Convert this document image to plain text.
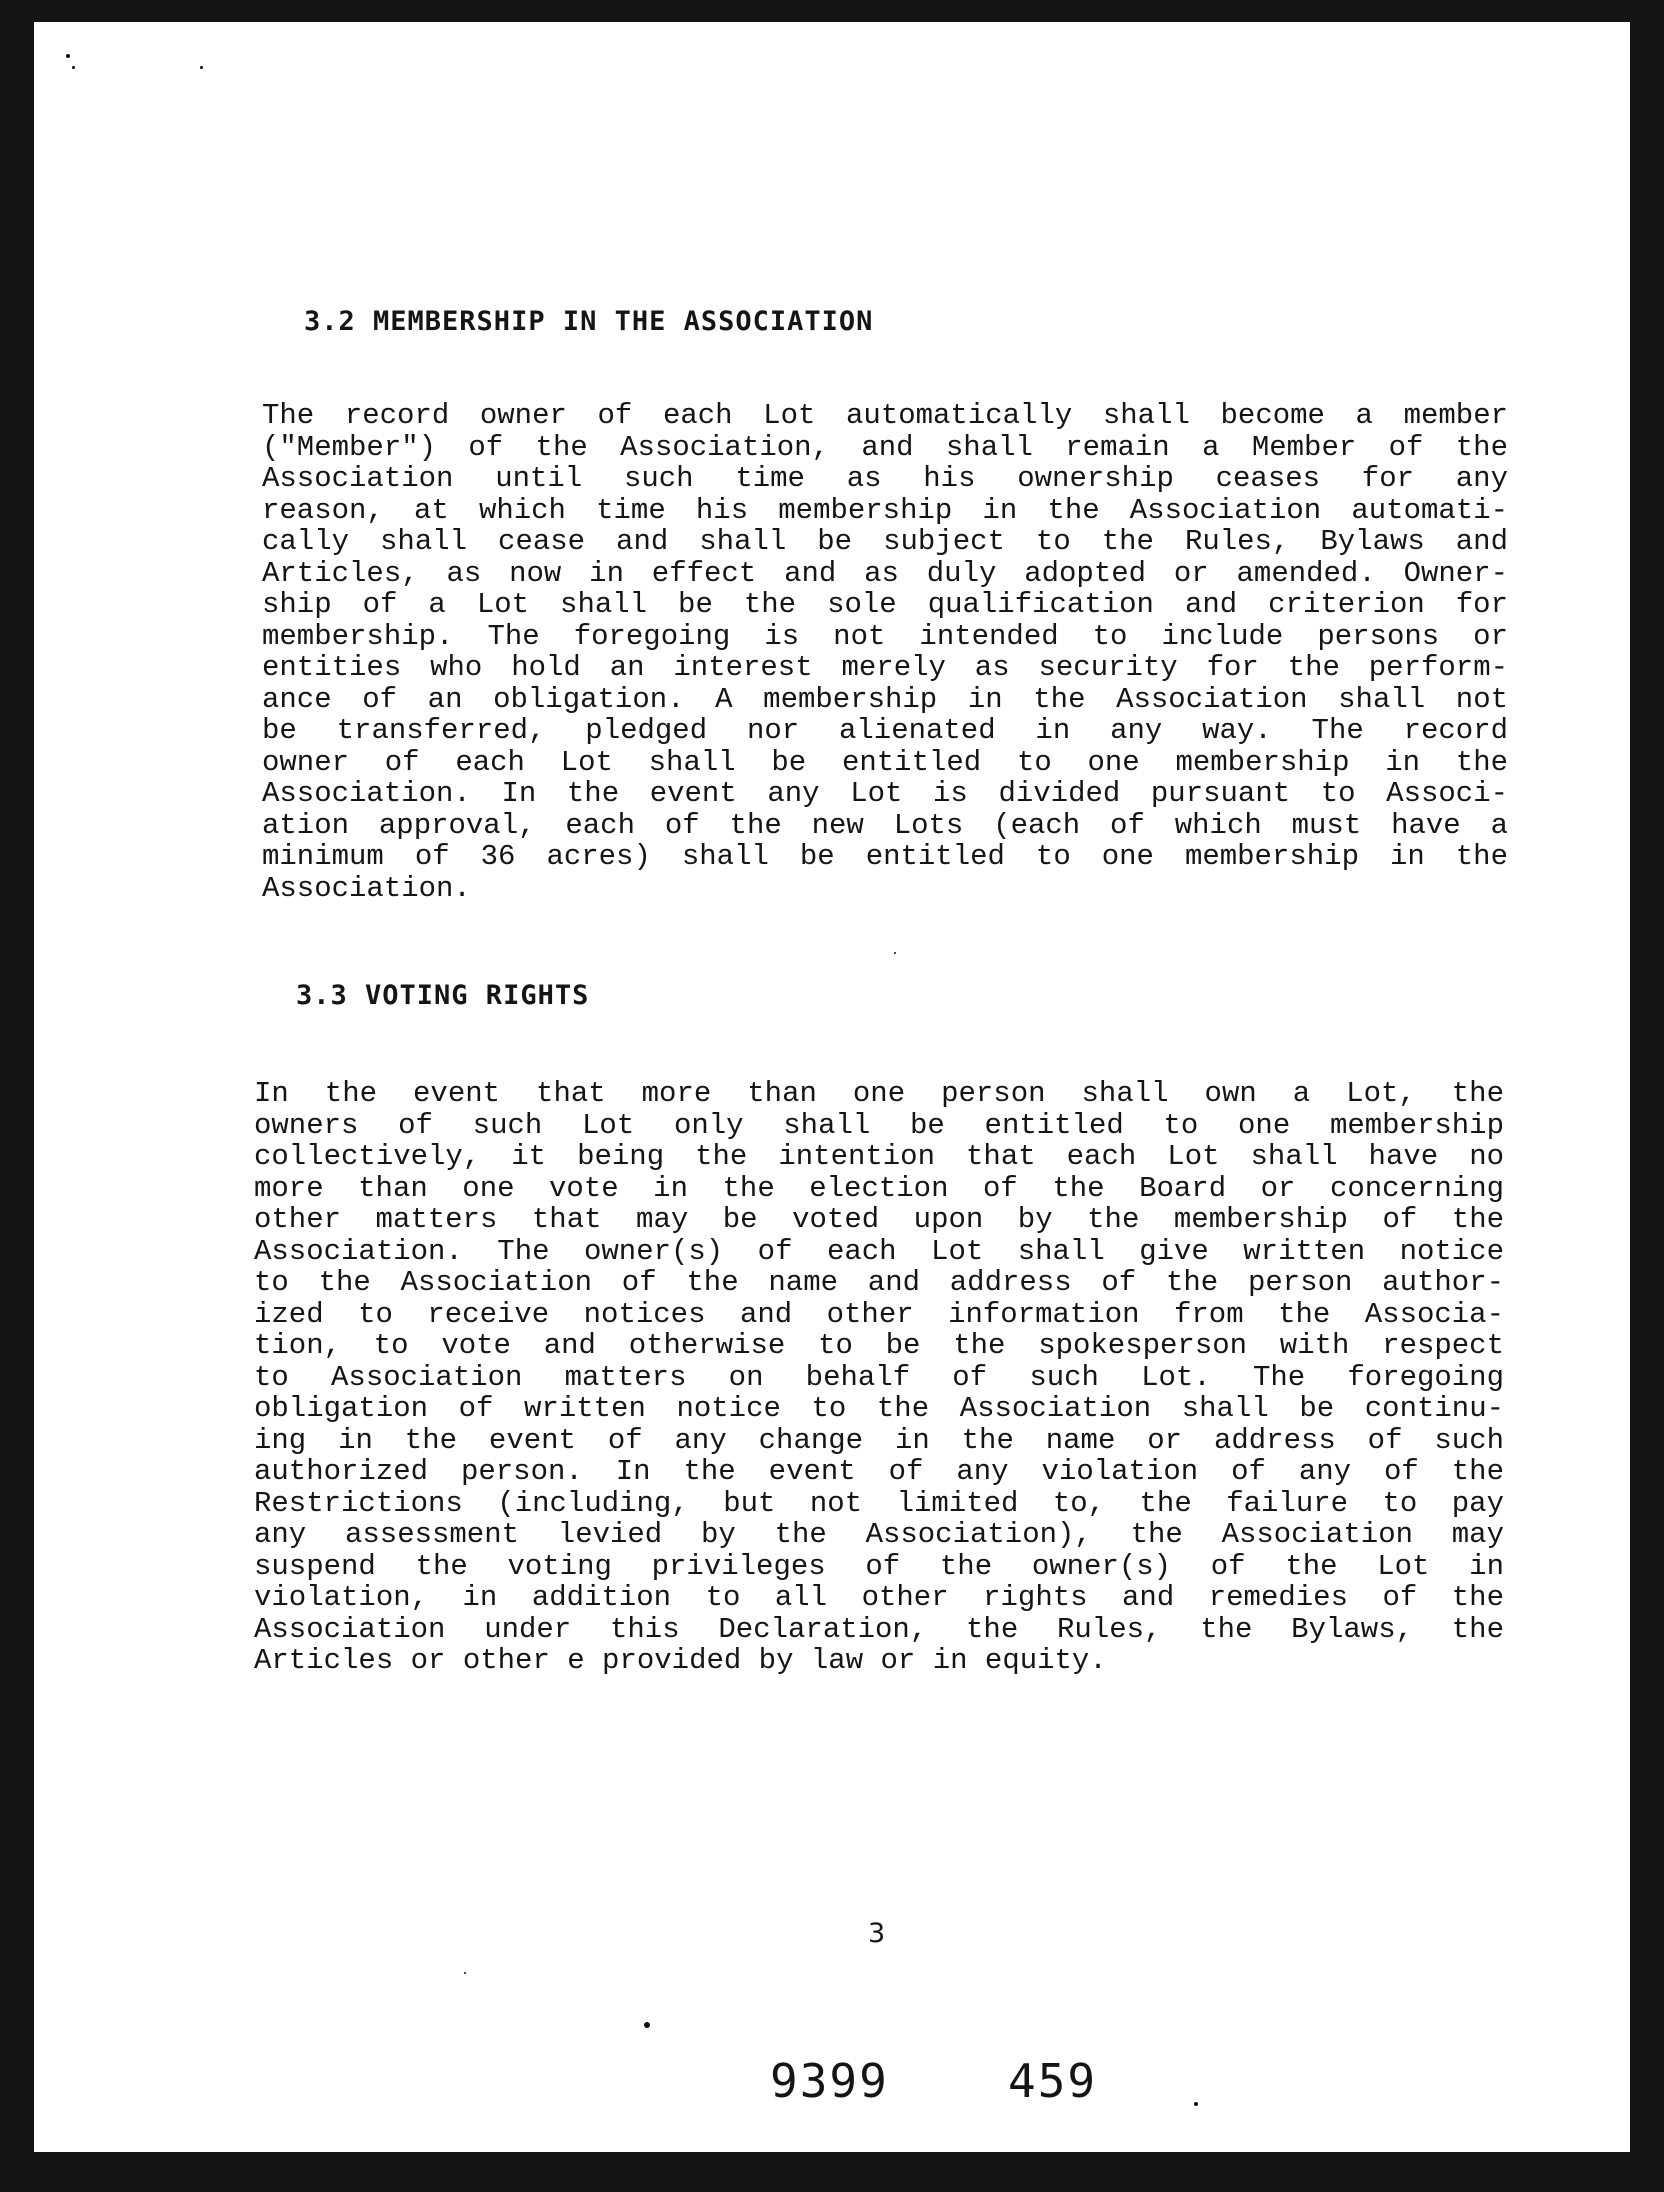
3.2 MEMBERSHIP IN THE ASSOCIATION
The record owner of each Lot automatically shall become a member
("Member") of the Association, and shall remain a Member of the
Association until such time as his ownership ceases for any
reason, at which time his membership in the Association automati-
cally shall cease and shall be subject to the Rules, Bylaws and
Articles, as now in effect and as duly adopted or amended. Owner-
ship of a Lot shall be the sole qualification and criterion for
membership. The foregoing is not intended to include persons or
entities who hold an interest merely as security for the perform-
ance of an obligation. A membership in the Association shall not
be transferred, pledged nor alienated in any way. The record
owner of each Lot shall be entitled to one membership in the
Association. In the event any Lot is divided pursuant to Associ-
ation approval, each of the new Lots (each of which must have a
minimum of 36 acres) shall be entitled to one membership in the
Association.
3.3 VOTING RIGHTS
In the event that more than one person shall own a Lot, the
owners of such Lot only shall be entitled to one membership
collectively, it being the intention that each Lot shall have no
more than one vote in the election of the Board or concerning
other matters that may be voted upon by the membership of the
Association. The owner(s) of each Lot shall give written notice
to the Association of the name and address of the person author-
ized to receive notices and other information from the Associa-
tion, to vote and otherwise to be the spokesperson with respect
to Association matters on behalf of such Lot. The foregoing
obligation of written notice to the Association shall be continu-
ing in the event of any change in the name or address of such
authorized person. In the event of any violation of any of the
Restrictions (including, but not limited to, the failure to pay
any assessment levied by the Association), the Association may
suspend the voting privileges of the owner(s) of the Lot in
violation, in addition to all other rights and remedies of the
Association under this Declaration, the Rules, the Bylaws, the
Articles or other e provided by law or in equity.
3
9399	459
